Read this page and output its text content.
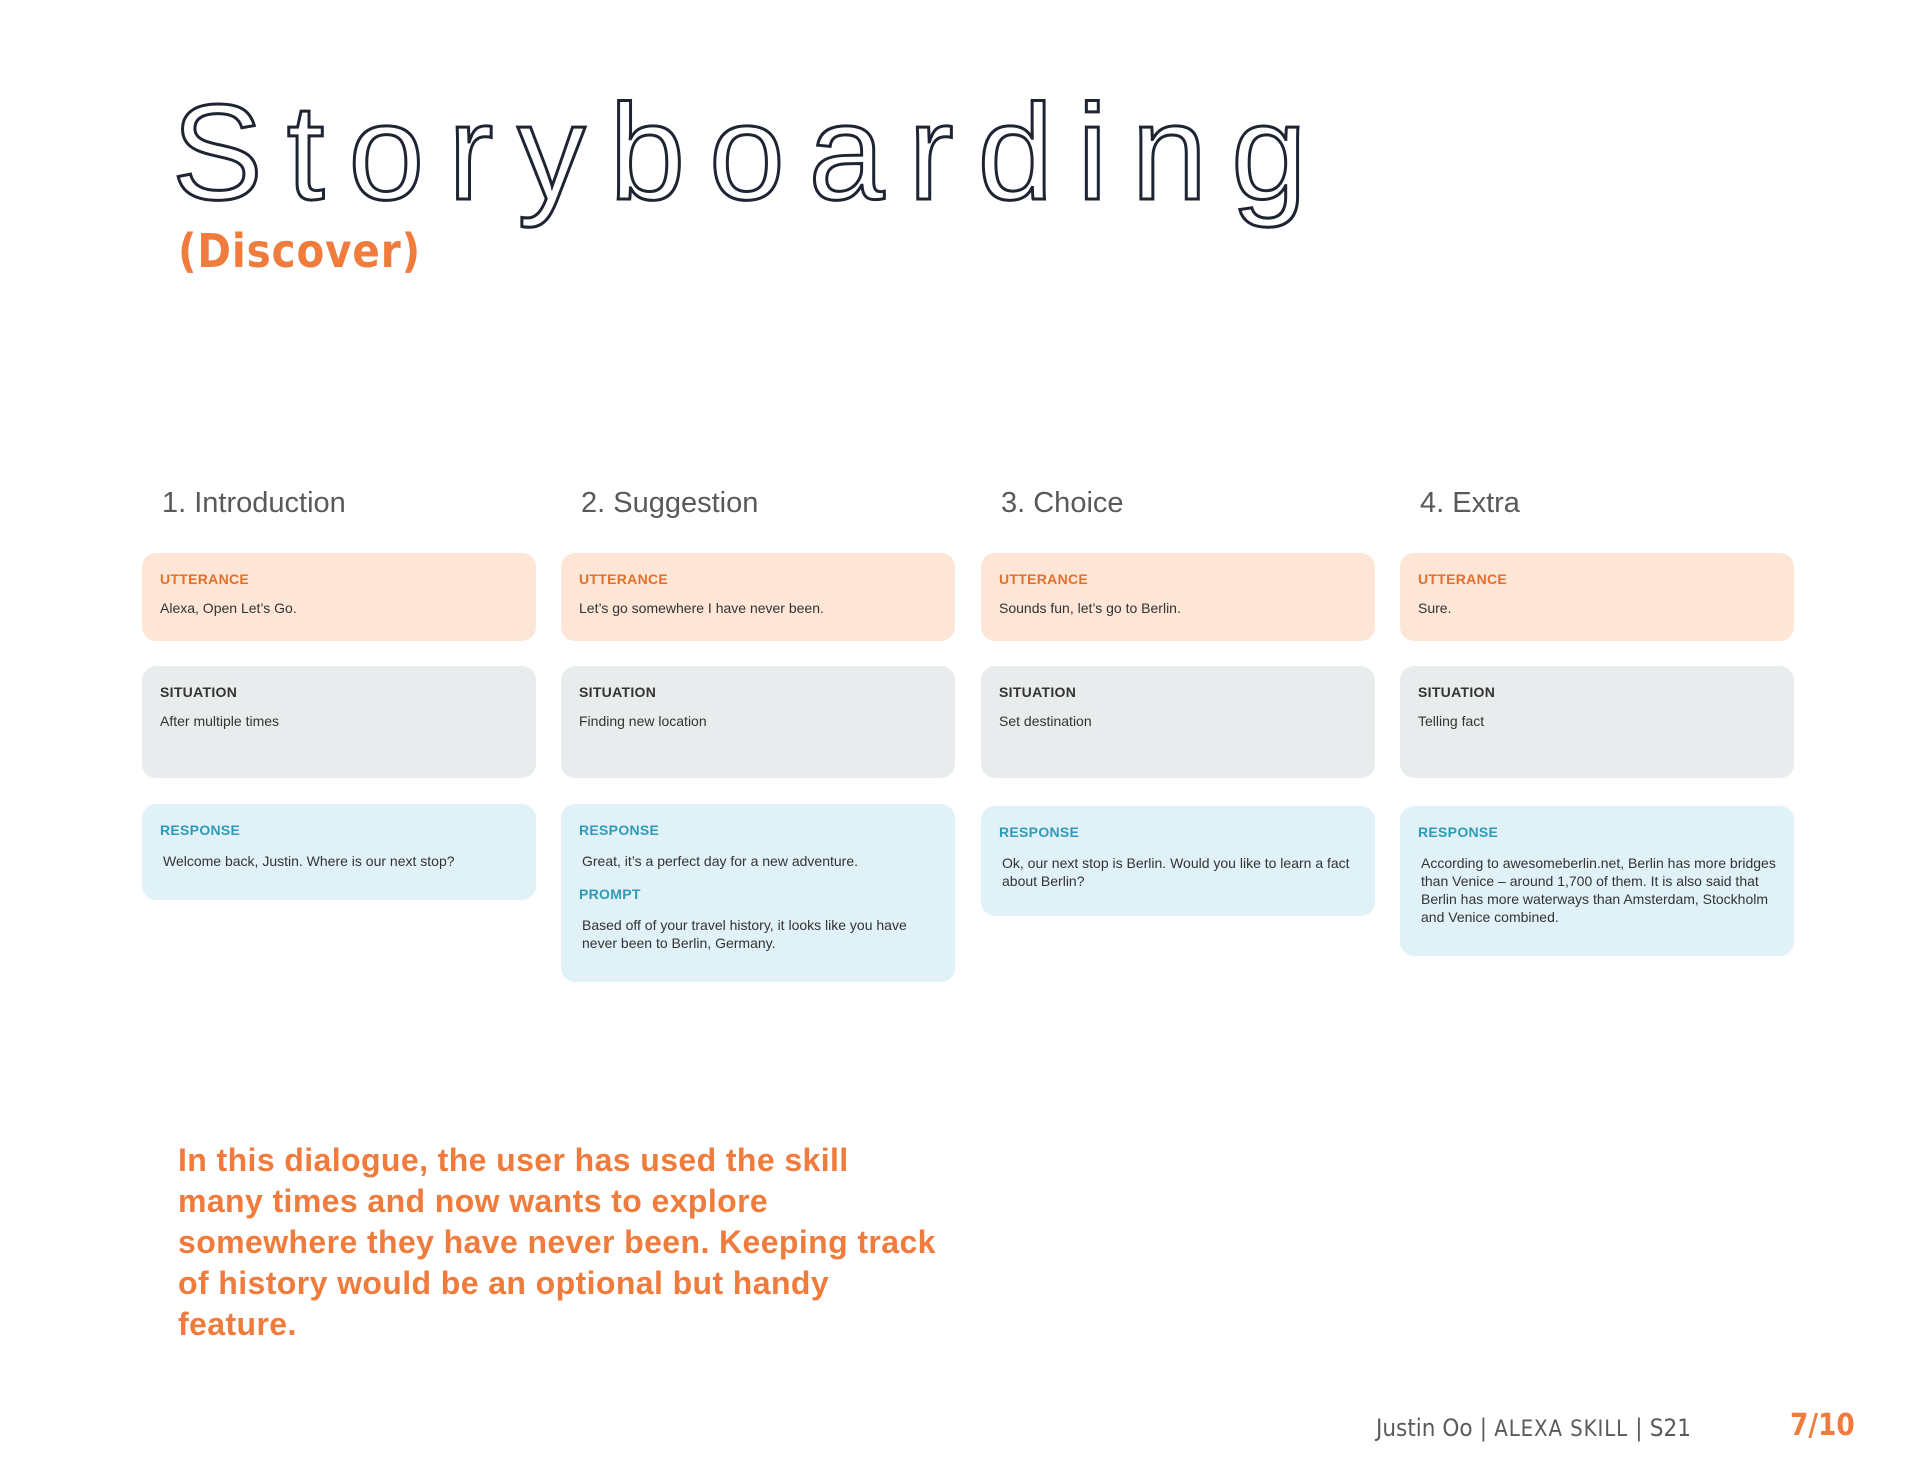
Storyboarding
(Discover)
1. Introduction
UTTERANCE
Alexa, Open Let’s Go.
SITUATION
After multiple times
RESPONSE
Welcome back, Justin. Where is our next stop?
2. Suggestion
UTTERANCE
Let’s go somewhere I have never been.
SITUATION
Finding new location
RESPONSE
Great, it’s a perfect day for a new adventure.
PROMPT
Based off of your travel history, it looks like you have never been to Berlin, Germany.
3. Choice
UTTERANCE
Sounds fun, let’s go to Berlin.
SITUATION
Set destination
RESPONSE
Ok, our next stop is Berlin. Would you like to learn a fact about Berlin?
4. Extra
UTTERANCE
Sure.
SITUATION
Telling fact
RESPONSE
According to awesomeberlin.net, Berlin has more bridges than Venice – around 1,700 of them. It is also said that Berlin has more waterways than Amsterdam, Stockholm and Venice combined.
In this dialogue, the user has used the skill many times and now wants to explore somewhere they have never been. Keeping track of history would be an optional but handy feature.
Justin Oo | ALEXA SKILL | S21	7/10
